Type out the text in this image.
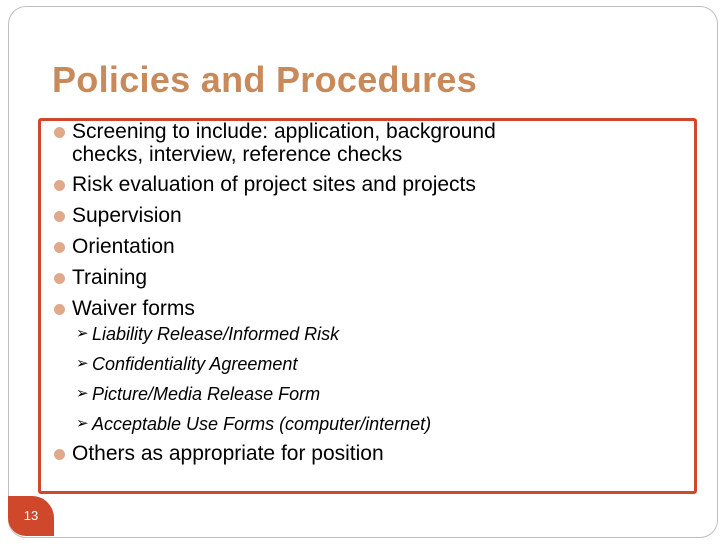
Policies and Procedures
Screening to include: application, background checks, interview, reference checks
Risk evaluation of project sites and projects
Supervision
Orientation
Training
Waiver forms
➢ Liability Release/Informed Risk
➢ Confidentiality Agreement
➢ Picture/Media Release Form
➢ Acceptable Use Forms (computer/internet)
Others as appropriate for position
13
